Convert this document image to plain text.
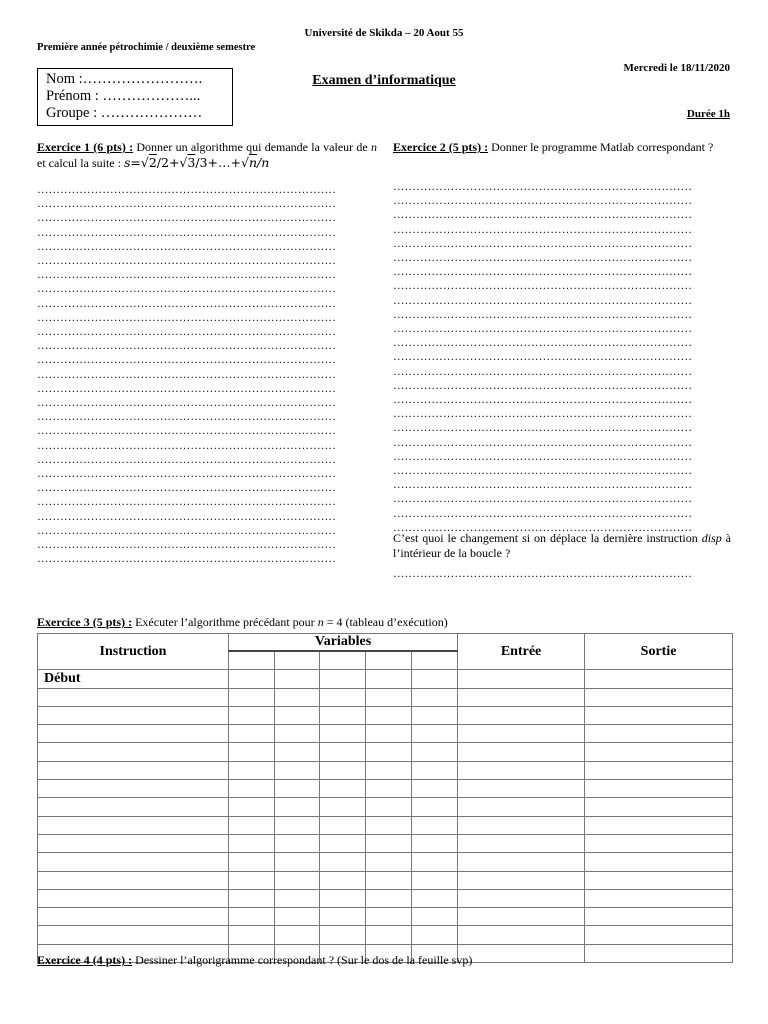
Université de Skikda – 20 Aout 55
Première année pétrochimie / deuxième semestre
Mercredi le 18/11/2020
Examen d’informatique
Durée 1h
Nom :…………………….
Prénom : ………………...
Groupe : …………………
Exercice 1 (6 pts) : Donner un algorithme qui demande la valeur de n et calcul la suite : s=√2/2+√3/3+…+√n/n
……………………………………………………………………
……………………………………………………………………
……………………………………………………………………
……………………………………………………………………
……………………………………………………………………
……………………………………………………………………
……………………………………………………………………
……………………………………………………………………
……………………………………………………………………
……………………………………………………………………
……………………………………………………………………
……………………………………………………………………
……………………………………………………………………
……………………………………………………………………
……………………………………………………………………
……………………………………………………………………
……………………………………………………………………
……………………………………………………………………
……………………………………………………………………
……………………………………………………………………
……………………………………………………………………
……………………………………………………………………
……………………………………………………………………
……………………………………………………………………
……………………………………………………………………
……………………………………………………………………
……………………………………………………………………
Exercice 2 (5 pts) : Donner le programme Matlab correspondant ?
……………………………………………………………………
……………………………………………………………………
……………………………………………………………………
……………………………………………………………………
……………………………………………………………………
……………………………………………………………………
……………………………………………………………………
……………………………………………………………………
……………………………………………………………………
……………………………………………………………………
……………………………………………………………………
……………………………………………………………………
……………………………………………………………………
……………………………………………………………………
……………………………………………………………………
……………………………………………………………………
……………………………………………………………………
……………………………………………………………………
……………………………………………………………………
……………………………………………………………………
……………………………………………………………………
……………………………………………………………………
……………………………………………………………………
……………………………………………………………………
……………………………………………………………………
C’est quoi le changement si on déplace la dernière instruction disp à l’intérieur de la boucle ?
……………………………………………………………………
Exercice 3 (5 pts) : Exécuter l’algorithme précédant pour n = 4 (tableau d’exécution)
Instruction	Variables					Entrée	Sortie

Début							

Exercice 4 (4 pts) : Dessiner l’algorigramme correspondant ? (Sur le dos de la feuille svp)
